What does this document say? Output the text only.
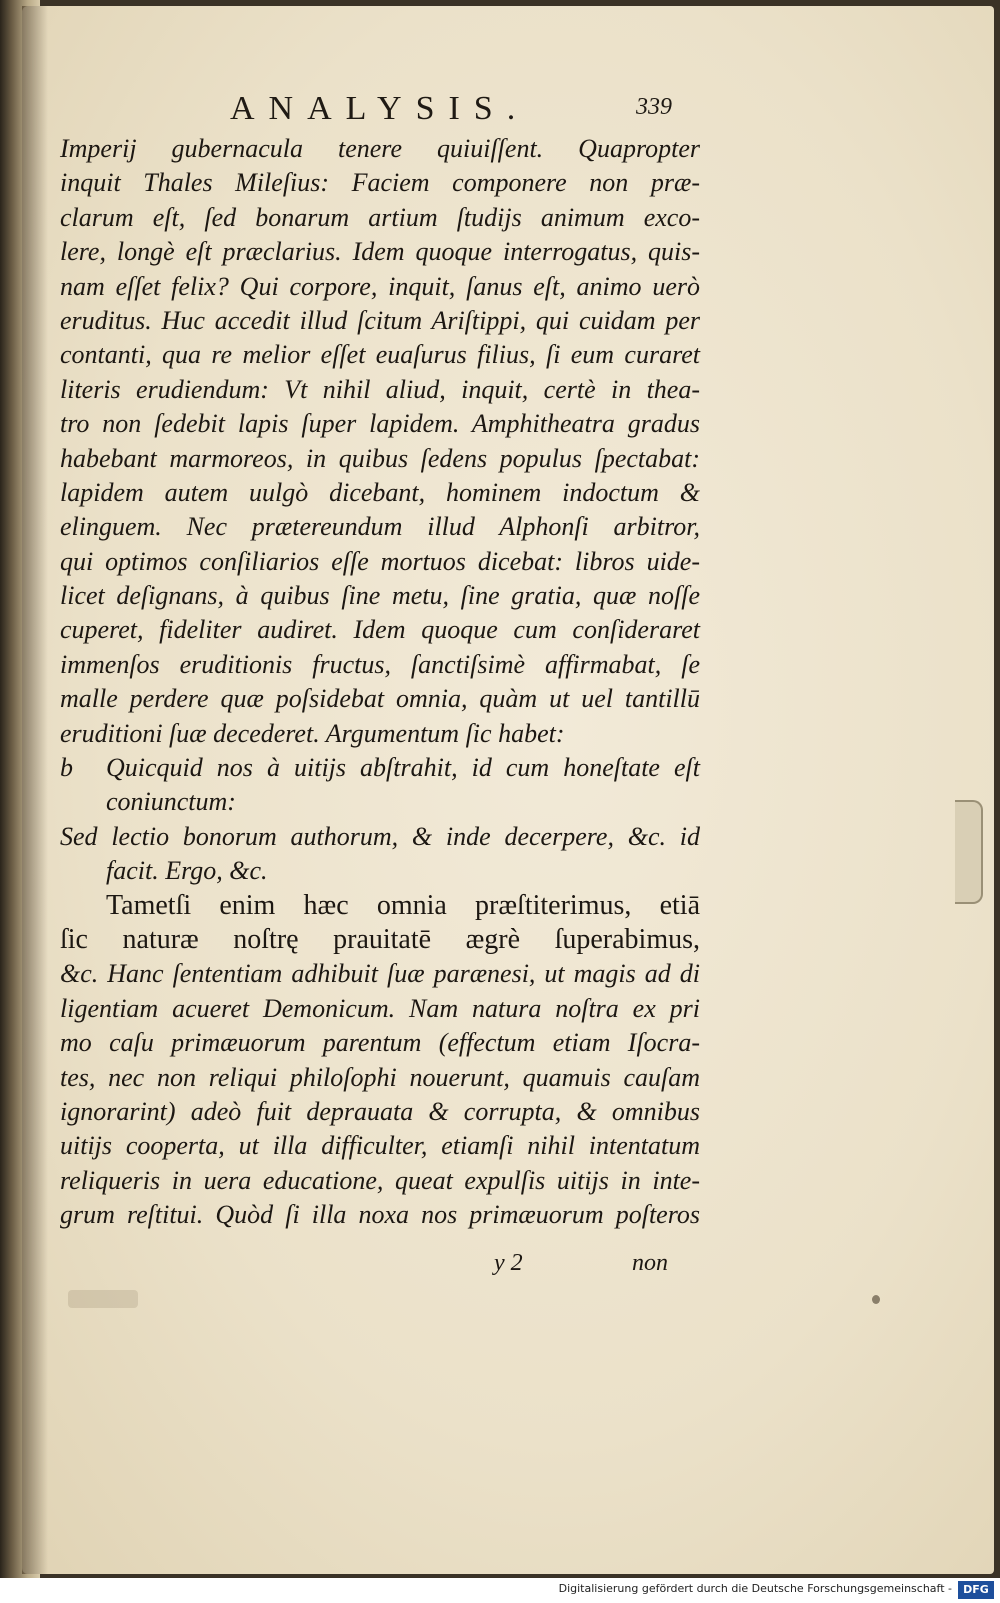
ANALYSIS.	339
Imperij gubernacula tenere quiuiſſent. Quapropter
inquit Thales Mileſius: Faciem componere non præ-
clarum eſt, ſed bonarum artium ſtudijs animum exco-
lere, longè eſt præclarius. Idem quoque interrogatus, quis-
nam eſſet felix? Qui corpore, inquit, ſanus eſt, animo uerò
eruditus. Huc accedit illud ſcitum Ariſtippi, qui cuidam per
contanti, qua re melior eſſet euaſurus filius, ſi eum curaret
literis erudiendum: Vt nihil aliud, inquit, certè in thea-
tro non ſedebit lapis ſuper lapidem. Amphitheatra gradus
habebant marmoreos, in quibus ſedens populus ſpectabat:
lapidem autem uulgò dicebant, hominem indoctum &
elinguem. Nec prætereundum illud Alphonſi arbitror,
qui optimos conſiliarios eſſe mortuos dicebat: libros uide-
licet deſignans, à quibus ſine metu, ſine gratia, quæ noſſe
cuperet, fideliter audiret. Idem quoque cum conſideraret
immenſos eruditionis fructus, ſanctiſsimè affirmabat, ſe
malle perdere quæ poſsidebat omnia, quàm ut uel tantillū
eruditioni ſuæ decederet. Argumentum ſic habet:
b Quicquid nos à uitijs abſtrahit, id cum honeſtate eſt
coniunctum:
Sed lectio bonorum authorum, & inde decerpere, &c. id
facit. Ergo, &c.
Tametſi enim hæc omnia præſtiterimus, etiā
ſic naturæ noſtrę prauitatē ægrè ſuperabimus,
&c. Hanc ſententiam adhibuit ſuæ parænesi, ut magis ad di
ligentiam acueret Demonicum. Nam natura noſtra ex pri
mo caſu primæuorum parentum (effectum etiam Iſocra-
tes, nec non reliqui philoſophi nouerunt, quamuis cauſam
ignorarint) adeò fuit deprauata & corrupta, & omnibus
uitijs cooperta, ut illa difficulter, etiamſi nihil intentatum
reliqueris in uera educatione, queat expulſis uitijs in inte-
grum reſtitui. Quòd ſi illa noxa nos primæuorum poſteros
y 2	non
Digitalisierung gefördert durch die Deutsche Forschungsgemeinschaft -	DFG
